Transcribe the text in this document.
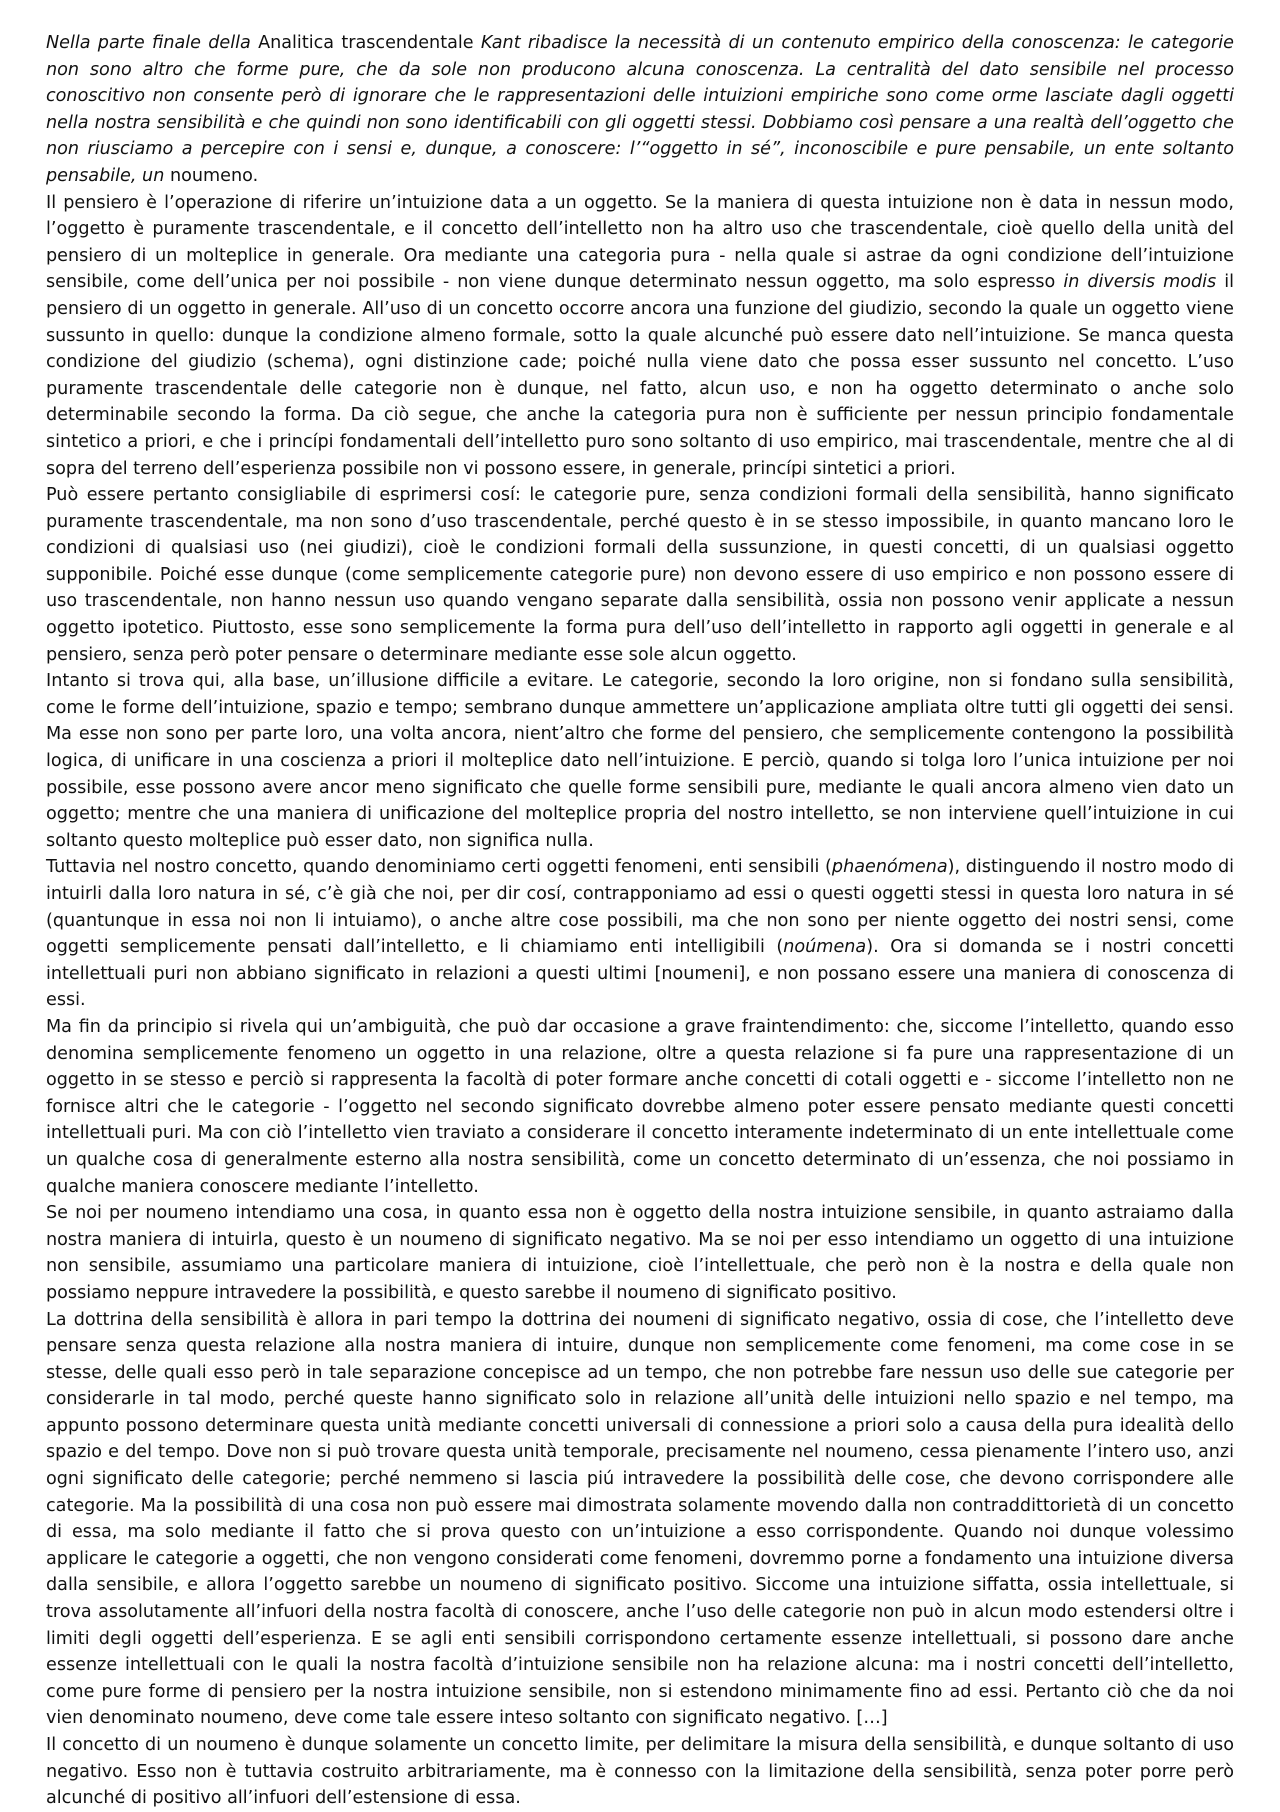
Nella parte finale della Analitica trascendentale Kant ribadisce la necessità di un contenuto empirico della conoscenza: le categorie non sono altro che forme pure, che da sole non producono alcuna conoscenza. La centralità del dato sensibile nel processo conoscitivo non consente però di ignorare che le rappresentazioni delle intuizioni empiriche sono come orme lasciate dagli oggetti nella nostra sensibilità e che quindi non sono identificabili con gli oggetti stessi. Dobbiamo così pensare a una realtà dell’oggetto che non riusciamo a percepire con i sensi e, dunque, a conoscere: l’“oggetto in sé”, inconoscibile e pure pensabile, un ente soltanto pensabile, un noumeno.

Il pensiero è l’operazione di riferire un’intuizione data a un oggetto. Se la maniera di questa intuizione non è data in nessun modo, l’oggetto è puramente trascendentale, e il concetto dell’intelletto non ha altro uso che trascendentale, cioè quello della unità del pensiero di un molteplice in generale. Ora mediante una categoria pura - nella quale si astrae da ogni condizione dell’intuizione sensibile, come dell’unica per noi possibile - non viene dunque determinato nessun oggetto, ma solo espresso in diversis modis il pensiero di un oggetto in generale. All’uso di un concetto occorre ancora una funzione del giudizio, secondo la quale un oggetto viene sussunto in quello: dunque la condizione almeno formale, sotto la quale alcunché può essere dato nell’intuizione. Se manca questa condizione del giudizio (schema), ogni distinzione cade; poiché nulla viene dato che possa esser sussunto nel concetto. L’uso puramente trascendentale delle categorie non è dunque, nel fatto, alcun uso, e non ha oggetto determinato o anche solo determinabile secondo la forma. Da ciò segue, che anche la categoria pura non è sufficiente per nessun principio fondamentale sintetico a priori, e che i princípi fondamentali dell’intelletto puro sono soltanto di uso empirico, mai trascendentale, mentre che al di sopra del terreno dell’esperienza possibile non vi possono essere, in generale, princípi sintetici a priori.

Può essere pertanto consigliabile di esprimersi cosí: le categorie pure, senza condizioni formali della sensibilità, hanno significato puramente trascendentale, ma non sono d’uso trascendentale, perché questo è in se stesso impossibile, in quanto mancano loro le condizioni di qualsiasi uso (nei giudizi), cioè le condizioni formali della sussunzione, in questi concetti, di un qualsiasi oggetto supponibile. Poiché esse dunque (come semplicemente categorie pure) non devono essere di uso empirico e non possono essere di uso trascendentale, non hanno nessun uso quando vengano separate dalla sensibilità, ossia non possono venir applicate a nessun oggetto ipotetico. Piuttosto, esse sono semplicemente la forma pura dell’uso dell’intelletto in rapporto agli oggetti in generale e al pensiero, senza però poter pensare o determinare mediante esse sole alcun oggetto.

Intanto si trova qui, alla base, un’illusione difficile a evitare. Le categorie, secondo la loro origine, non si fondano sulla sensibilità, come le forme dell’intuizione, spazio e tempo; sembrano dunque ammettere un’applicazione ampliata oltre tutti gli oggetti dei sensi. Ma esse non sono per parte loro, una volta ancora, nient’altro che forme del pensiero, che semplicemente contengono la possibilità logica, di unificare in una coscienza a priori il molteplice dato nell’intuizione. E perciò, quando si tolga loro l’unica intuizione per noi possibile, esse possono avere ancor meno significato che quelle forme sensibili pure, mediante le quali ancora almeno vien dato un oggetto; mentre che una maniera di unificazione del molteplice propria del nostro intelletto, se non interviene quell’intuizione in cui soltanto questo molteplice può esser dato, non significa nulla.

Tuttavia nel nostro concetto, quando denominiamo certi oggetti fenomeni, enti sensibili (phaenómena), distinguendo il nostro modo di intuirli dalla loro natura in sé, c’è già che noi, per dir cosí, contrapponiamo ad essi o questi oggetti stessi in questa loro natura in sé (quantunque in essa noi non li intuiamo), o anche altre cose possibili, ma che non sono per niente oggetto dei nostri sensi, come oggetti semplicemente pensati dall’intelletto, e li chiamiamo enti intelligibili (noúmena). Ora si domanda se i nostri concetti intellettuali puri non abbiano significato in relazioni a questi ultimi [noumeni], e non possano essere una maniera di conoscenza di essi.

Ma fin da principio si rivela qui un’ambiguità, che può dar occasione a grave fraintendimento: che, siccome l’intelletto, quando esso denomina semplicemente fenomeno un oggetto in una relazione, oltre a questa relazione si fa pure una rappresentazione di un oggetto in se stesso e perciò si rappresenta la facoltà di poter formare anche concetti di cotali oggetti e - siccome l’intelletto non ne fornisce altri che le categorie - l’oggetto nel secondo significato dovrebbe almeno poter essere pensato mediante questi concetti intellettuali puri. Ma con ciò l’intelletto vien traviato a considerare il concetto interamente indeterminato di un ente intellettuale come un qualche cosa di generalmente esterno alla nostra sensibilità, come un concetto determinato di un’essenza, che noi possiamo in qualche maniera conoscere mediante l’intelletto.

Se noi per noumeno intendiamo una cosa, in quanto essa non è oggetto della nostra intuizione sensibile, in quanto astraiamo dalla nostra maniera di intuirla, questo è un noumeno di significato negativo. Ma se noi per esso intendiamo un oggetto di una intuizione non sensibile, assumiamo una particolare maniera di intuizione, cioè l’intellettuale, che però non è la nostra e della quale non possiamo neppure intravedere la possibilità, e questo sarebbe il noumeno di significato positivo.

La dottrina della sensibilità è allora in pari tempo la dottrina dei noumeni di significato negativo, ossia di cose, che l’intelletto deve pensare senza questa relazione alla nostra maniera di intuire, dunque non semplicemente come fenomeni, ma come cose in se stesse, delle quali esso però in tale separazione concepisce ad un tempo, che non potrebbe fare nessun uso delle sue categorie per considerarle in tal modo, perché queste hanno significato solo in relazione all’unità delle intuizioni nello spazio e nel tempo, ma appunto possono determinare questa unità mediante concetti universali di connessione a priori solo a causa della pura idealità dello spazio e del tempo. Dove non si può trovare questa unità temporale, precisamente nel noumeno, cessa pienamente l’intero uso, anzi ogni significato delle categorie; perché nemmeno si lascia piú intravedere la possibilità delle cose, che devono corrispondere alle categorie. Ma la possibilità di una cosa non può essere mai dimostrata solamente movendo dalla non contraddittorietà di un concetto di essa, ma solo mediante il fatto che si prova questo con un’intuizione a esso corrispondente. Quando noi dunque volessimo applicare le categorie a oggetti, che non vengono considerati come fenomeni, dovremmo porne a fondamento una intuizione diversa dalla sensibile, e allora l’oggetto sarebbe un noumeno di significato positivo. Siccome una intuizione siffatta, ossia intellettuale, si trova assolutamente all’infuori della nostra facoltà di conoscere, anche l’uso delle categorie non può in alcun modo estendersi oltre i limiti degli oggetti dell’esperienza. E se agli enti sensibili corrispondono certamente essenze intellettuali, si possono dare anche essenze intellettuali con le quali la nostra facoltà d’intuizione sensibile non ha relazione alcuna: ma i nostri concetti dell’intelletto, come pure forme di pensiero per la nostra intuizione sensibile, non si estendono minimamente fino ad essi. Pertanto ciò che da noi vien denominato noumeno, deve come tale essere inteso soltanto con significato negativo. […]

Il concetto di un noumeno è dunque solamente un concetto limite, per delimitare la misura della sensibilità, e dunque soltanto di uso negativo. Esso non è tuttavia costruito arbitrariamente, ma è connesso con la limitazione della sensibilità, senza poter porre però alcunché di positivo all’infuori dell’estensione di essa.
